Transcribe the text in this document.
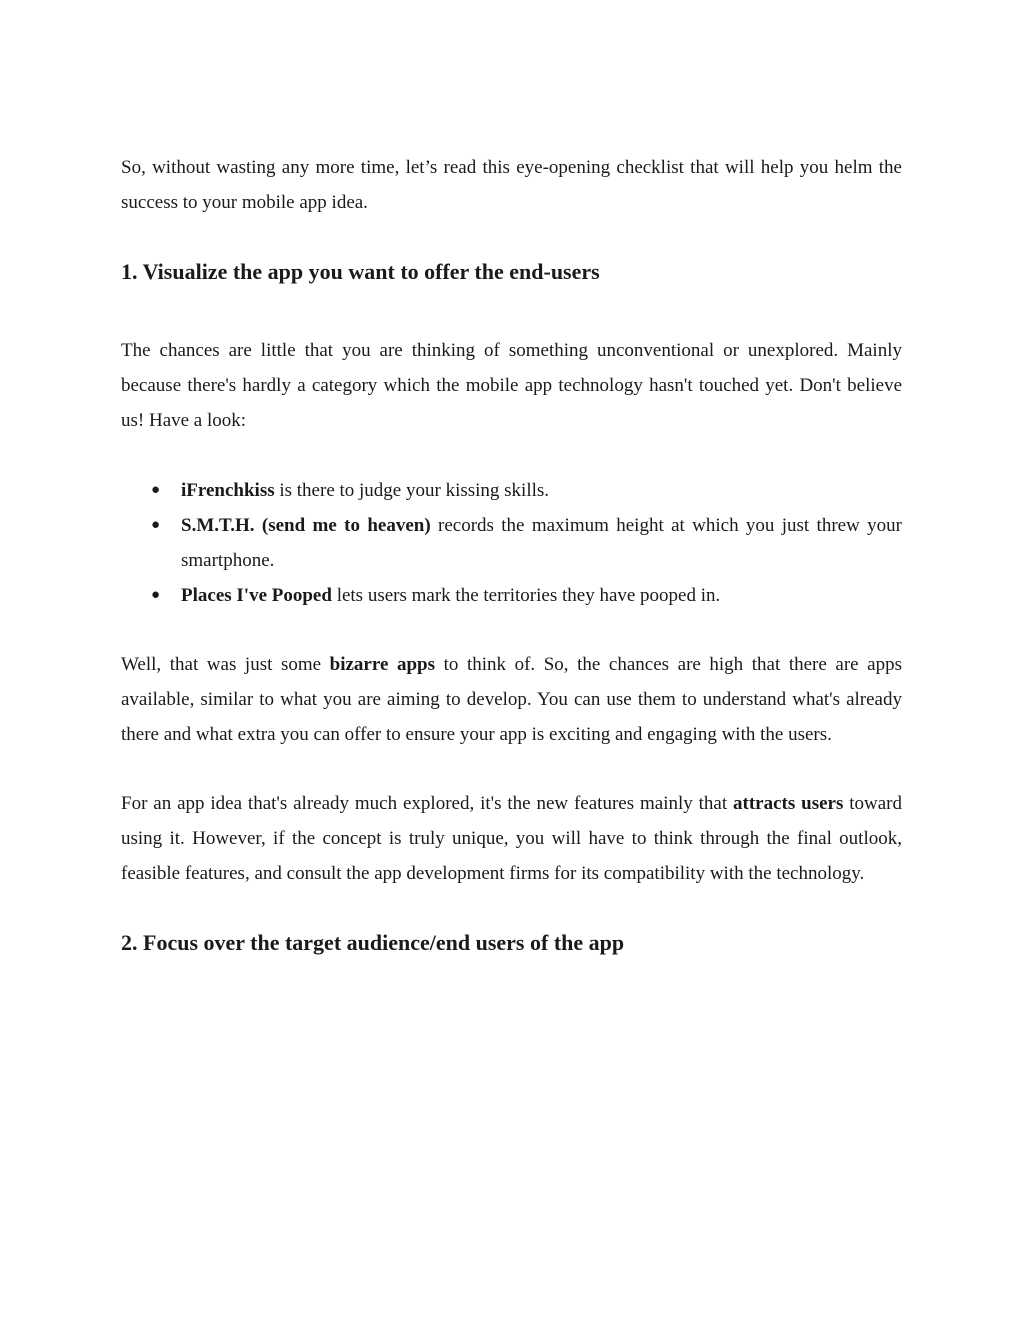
So, without wasting any more time, let’s read this eye-opening checklist that will help you helm the success to your mobile app idea.

1. Visualize the app you want to offer the end-users

The chances are little that you are thinking of something unconventional or unexplored. Mainly because there's hardly a category which the mobile app technology hasn't touched yet. Don't believe us! Have a look:

● iFrenchkiss is there to judge your kissing skills.
● S.M.T.H. (send me to heaven) records the maximum height at which you just threw your smartphone.
● Places I've Pooped lets users mark the territories they have pooped in.

Well, that was just some bizarre apps to think of. So, the chances are high that there are apps available, similar to what you are aiming to develop. You can use them to understand what's already there and what extra you can offer to ensure your app is exciting and engaging with the users.

For an app idea that's already much explored, it's the new features mainly that attracts users toward using it. However, if the concept is truly unique, you will have to think through the final outlook, feasible features, and consult the app development firms for its compatibility with the technology.

2. Focus over the target audience/end users of the app
